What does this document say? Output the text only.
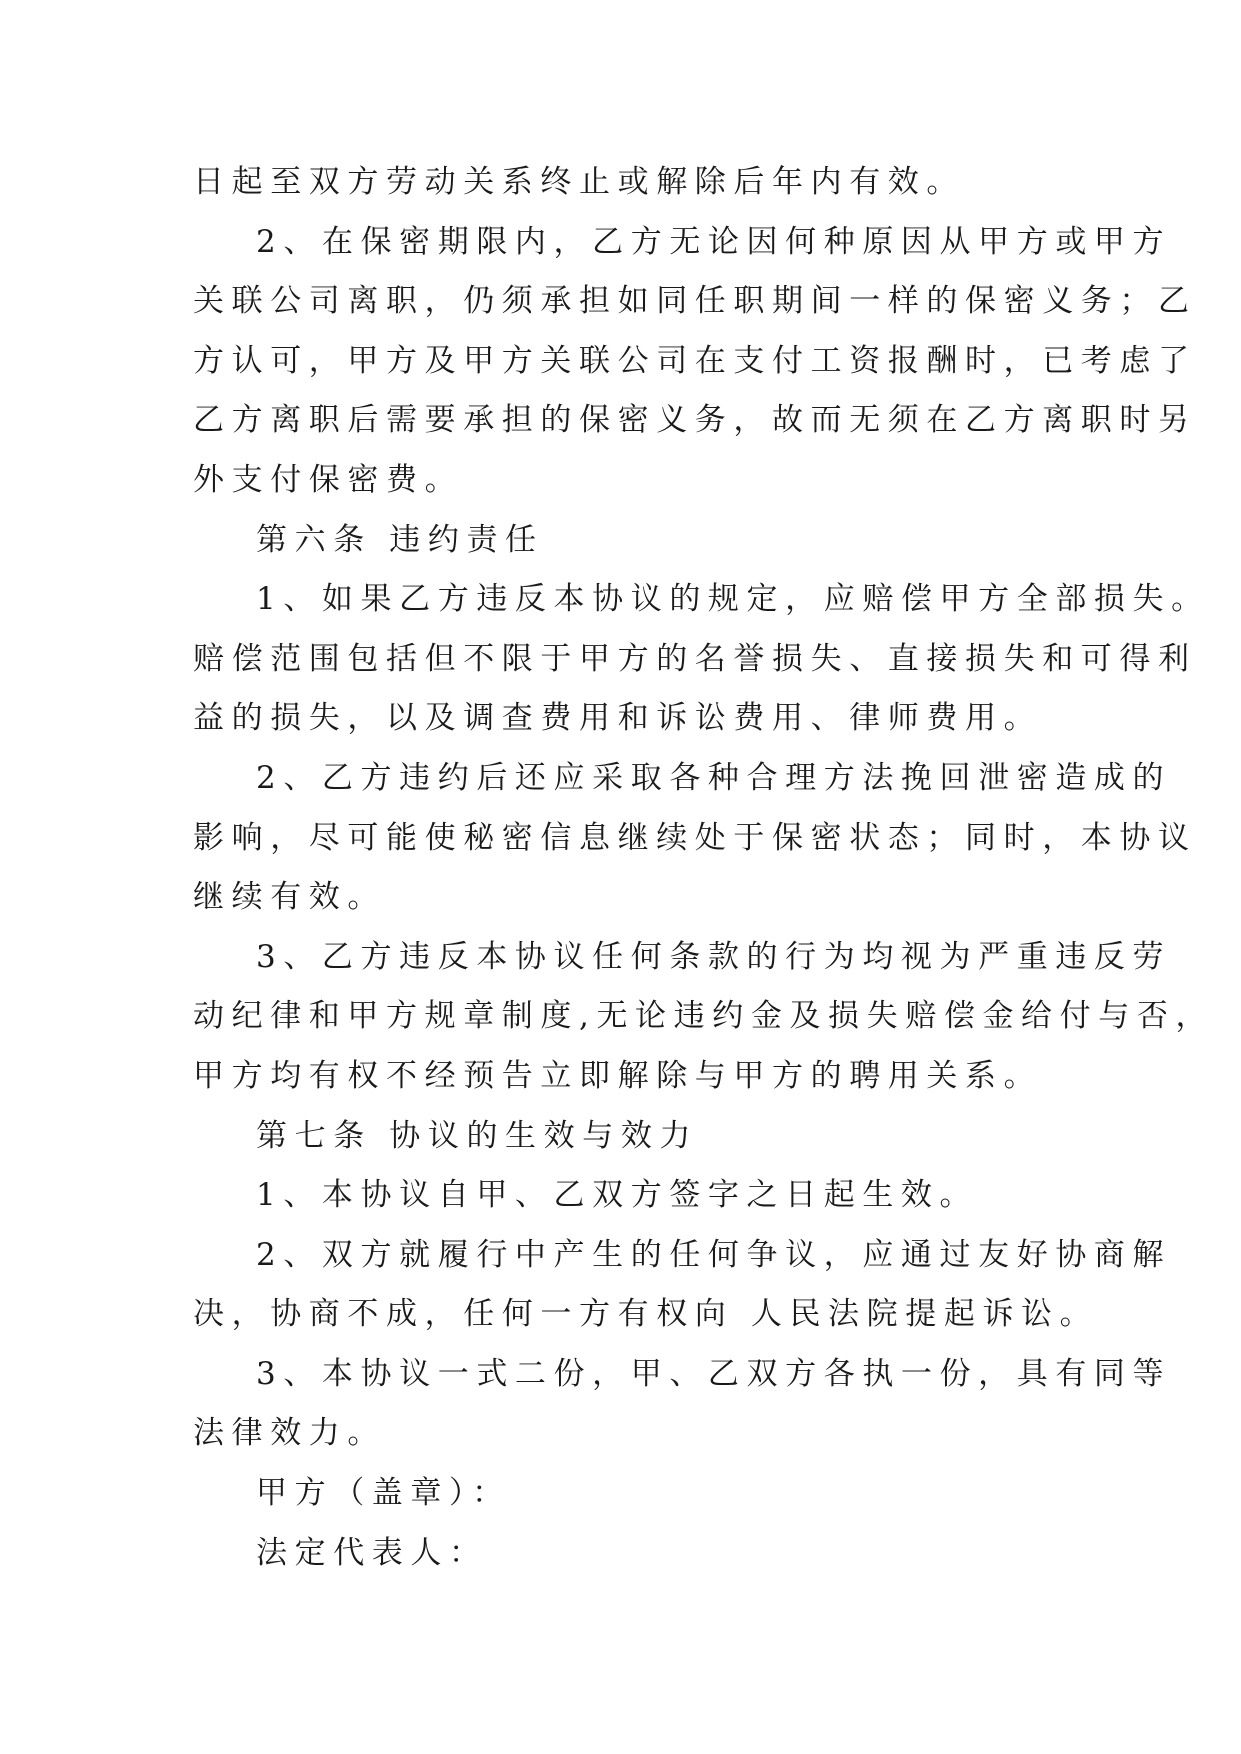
日起至双方劳动关系终止或解除后年内有效。
2、在保密期限内，乙方无论因何种原因从甲方或甲方
关联公司离职，仍须承担如同任职期间一样的保密义务；乙
方认可，甲方及甲方关联公司在支付工资报酬时，已考虑了
乙方离职后需要承担的保密义务，故而无须在乙方离职时另
外支付保密费。
第六条 违约责任
1、如果乙方违反本协议的规定，应赔偿甲方全部损失。
赔偿范围包括但不限于甲方的名誉损失、直接损失和可得利
益的损失，以及调查费用和诉讼费用、律师费用。
2、乙方违约后还应采取各种合理方法挽回泄密造成的
影响，尽可能使秘密信息继续处于保密状态；同时，本协议
继续有效。
3、乙方违反本协议任何条款的行为均视为严重违反劳
动纪律和甲方规章制度,无论违约金及损失赔偿金给付与否，
甲方均有权不经预告立即解除与甲方的聘用关系。
第七条 协议的生效与效力
1、本协议自甲、乙双方签字之日起生效。
2、双方就履行中产生的任何争议，应通过友好协商解
决，协商不成，任何一方有权向 人民法院提起诉讼。
3、本协议一式二份，甲、乙双方各执一份，具有同等
法律效力。
甲方（盖章）：
法定代表人：
